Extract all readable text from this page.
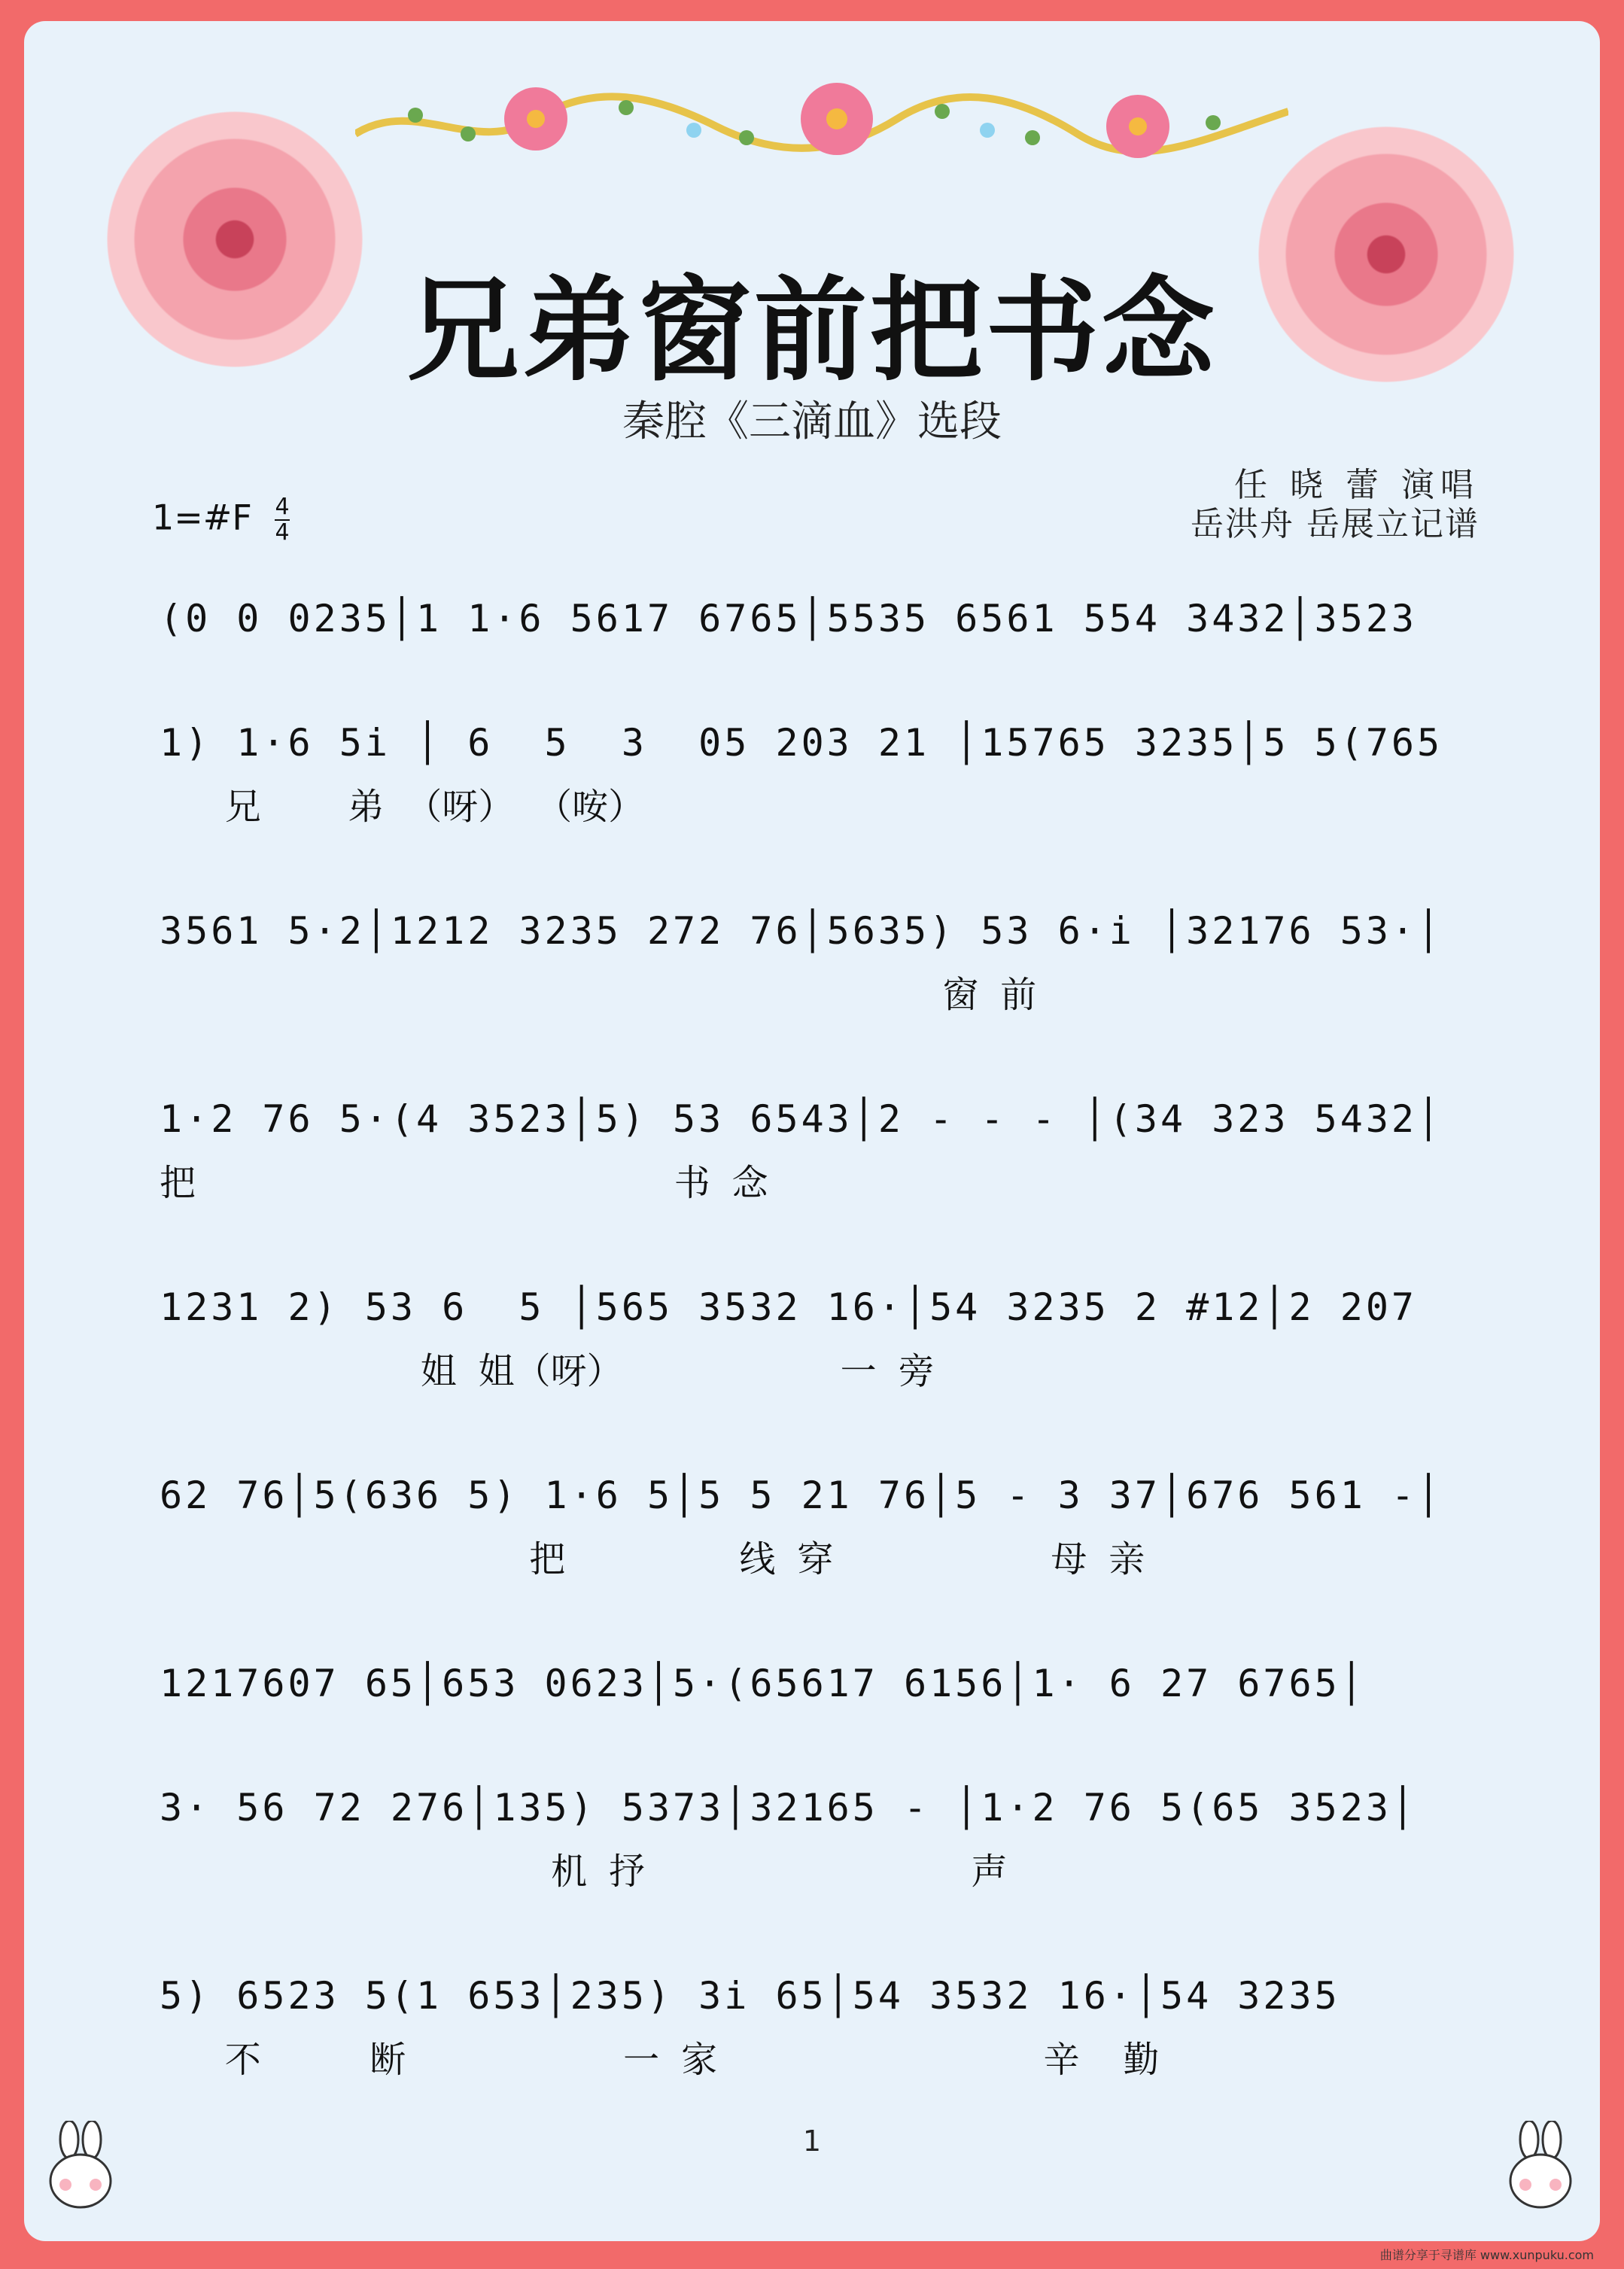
兄弟窗前把书念
秦腔《三滴血》选段
任 晓 蕾 演唱
岳洪舟 岳展立记谱
1=#F $\frac{4}{4}$
(0 0 0235│1 1·6 5617 6765│5535 6561 554 3432│3523
1) 1·6 5i │ 6  5  3  05 203 21 │15765 3235│5 5(765
兄    弟 （呀） （咹）
3561 5·2│1212 3235 272 76│5635) 53 6·i │32176 53·│
窗 前
1·2 76 5·(4 3523│5) 53 6543│2 - - - │(34 323 5432│
把                      书 念
1231 2) 53 6  5 │565 3532 16·│54 3235 2 #12│2 207
姐 姐（呀）          一 旁
62 76│5(636 5) 1·6 5│5 5 21 76│5 - 3 37│676 561 -│
把        线 穿          母 亲
1217607 65│653 0623│5·(65617 6156│1· 6 27 6765│
3· 56 72 276│135) 5373│32165 - │1·2 76 5(65 3523│
机 抒               声
5) 6523 5(1 653│235) 3i 65│54 3532 16·│54 3235
不     断          一 家               辛  勤
1
曲谱分享于寻谱库 www.xunpuku.com
